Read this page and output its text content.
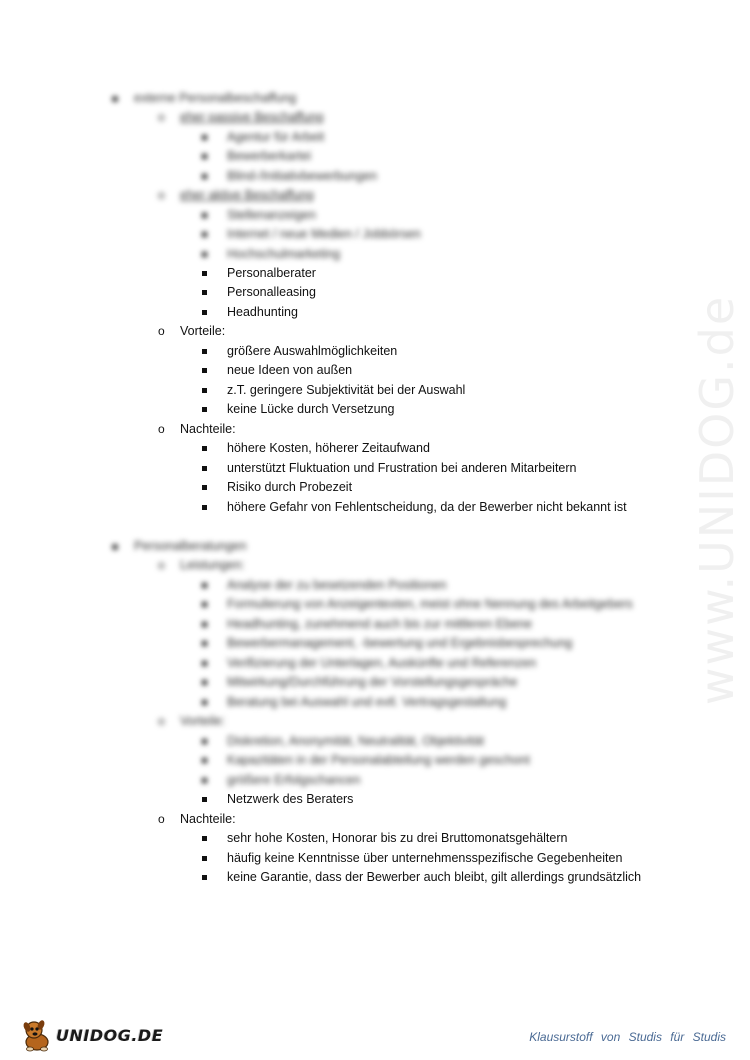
www.UNIDOG.de
externe Personalbeschaffung
o eher passive Beschaffung
Agentur für Arbeit
Bewerberkartei
Blind-/Initiativbewerbungen
o eher aktive Beschaffung
Stellenanzeigen
Internet / neue Medien / Jobbörsen
Hochschulmarketing
Personalberater
Personalleasing
Headhunting
o Vorteile:
größere Auswahlmöglichkeiten
neue Ideen von außen
z.T. geringere Subjektivität bei der Auswahl
keine Lücke durch Versetzung
o Nachteile:
höhere Kosten, höherer Zeitaufwand
unterstützt Fluktuation und Frustration bei anderen Mitarbeitern
Risiko durch Probezeit
höhere Gefahr von Fehlentscheidung, da der Bewerber nicht bekannt ist
Personalberatungen
o Leistungen:
Analyse der zu besetzenden Positionen
Formulierung von Anzeigentexten, meist ohne Nennung des Arbeitgebers
Headhunting, zunehmend auch bis zur mittleren Ebene
Bewerbermanagement, -bewertung und Ergebnisbesprechung
Verifizierung der Unterlagen, Auskünfte und Referenzen
Mitwirkung/Durchführung der Vorstellungsgespräche
Beratung bei Auswahl und evtl. Vertragsgestaltung
o Vorteile:
Diskretion, Anonymität, Neutralität, Objektivität
Kapazitäten in der Personalabteilung werden geschont
größere Erfolgschancen
Netzwerk des Beraters
o Nachteile:
sehr hohe Kosten, Honorar bis zu drei Bruttomonatsgehältern
häufig keine Kenntnisse über unternehmensspezifische Gegebenheiten
keine Garantie, dass der Bewerber auch bleibt, gilt allerdings grundsätzlich
UNIDOG.DE	Klausurstoff von Studis für Studis
